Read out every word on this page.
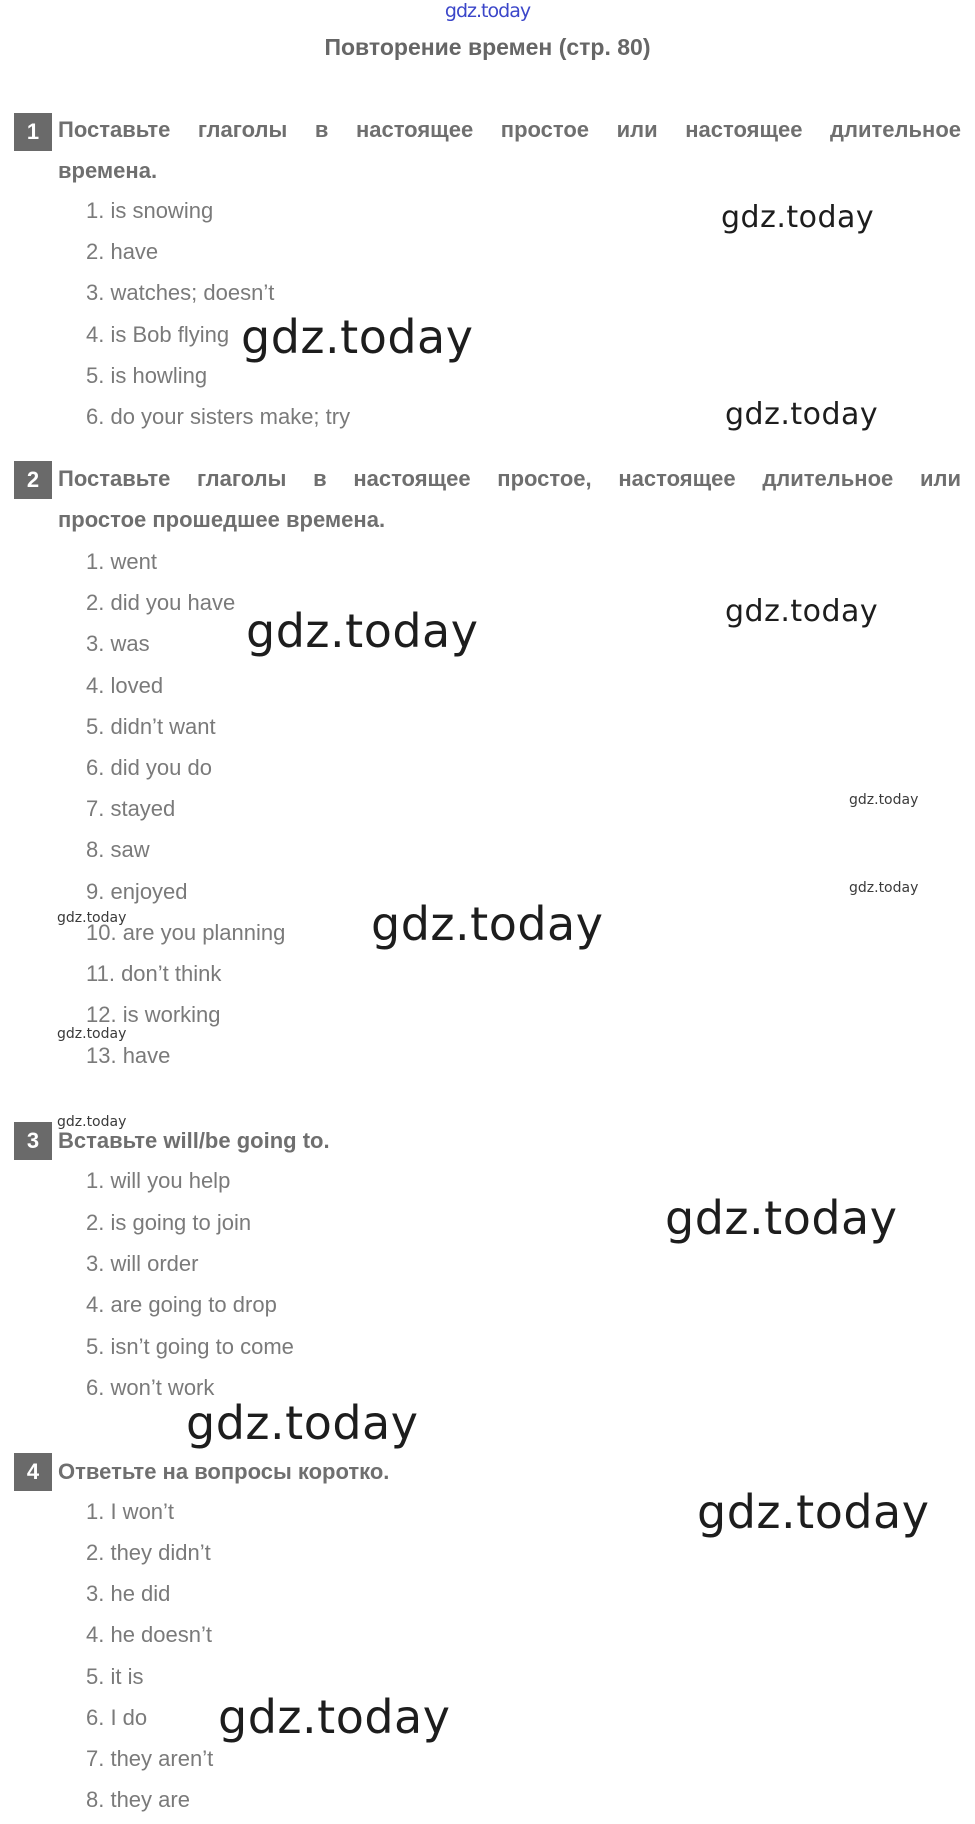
gdz.today
Повторение времен (стр. 80)
1 Поставьте глаголы в настоящее простое или настоящее длительное
времена.
1. is snowing
2. have
3. watches; doesn’t
4. is Bob flying
5. is howling
6. do your sisters make; try
2 Поставьте глаголы в настоящее простое, настоящее длительное или
простое прошедшее времена.
1. went
2. did you have
3. was
4. loved
5. didn’t want
6. did you do
7. stayed
8. saw
9. enjoyed
10. are you planning
11. don’t think
12. is working
13. have
3 Вставьте will/be going to.
1. will you help
2. is going to join
3. will order
4. are going to drop
5. isn’t going to come
6. won’t work
4 Ответьте на вопросы коротко.
1. I won’t
2. they didn’t
3. he did
4. he doesn’t
5. it is
6. I do
7. they aren’t
8. they are
gdz.today
gdz.today
gdz.today
gdz.today
gdz.today
gdz.today
gdz.today
gdz.today	gdz.today
gdz.today
gdz.today
gdz.today
gdz.today
gdz.today
gdz.today
